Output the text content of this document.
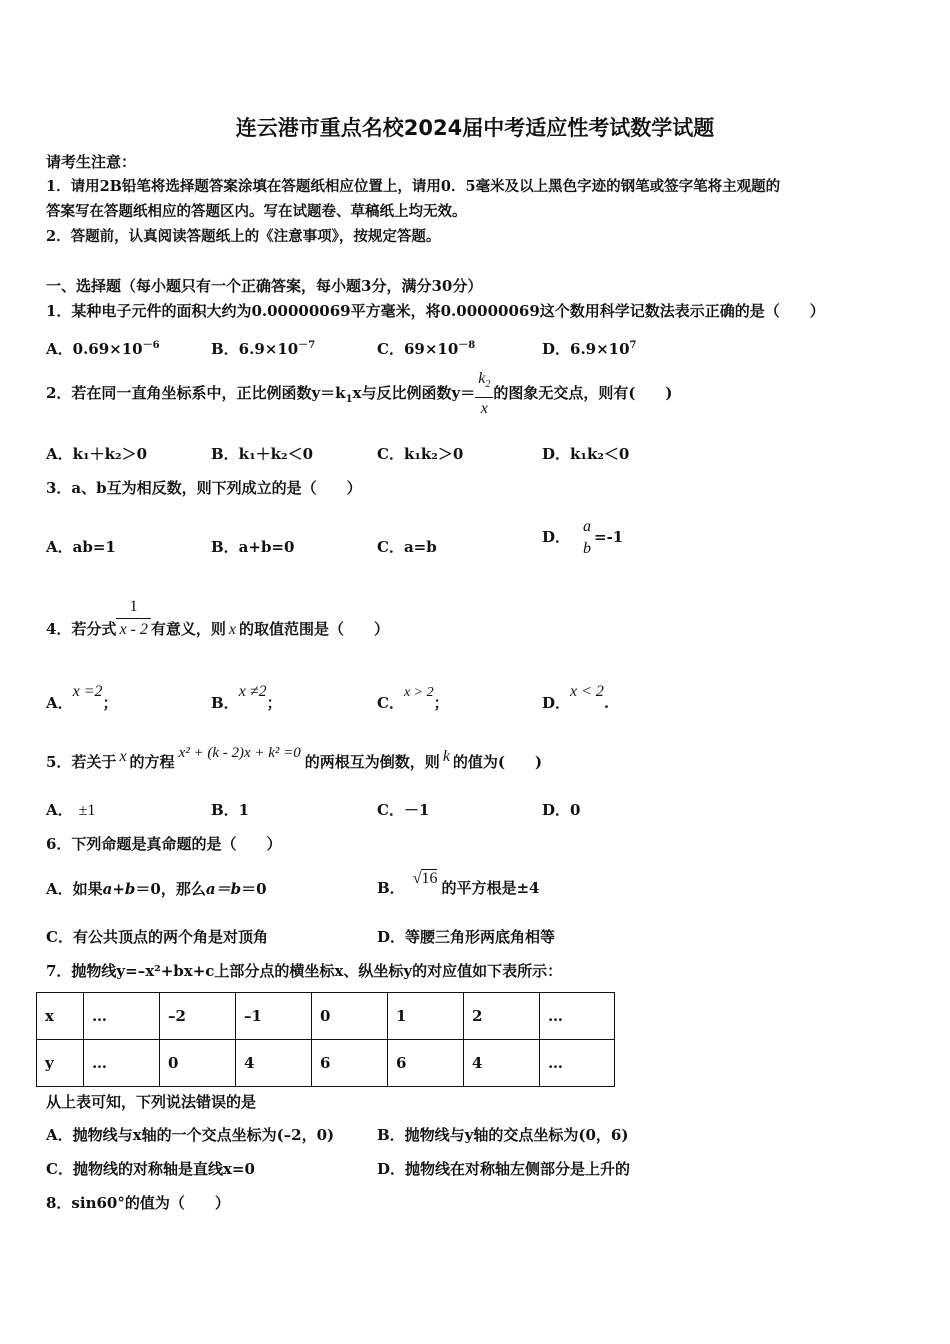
连云港市重点名校2024届中考适应性考试数学试题
请考生注意：
1．请用2B铅笔将选择题答案涂填在答题纸相应位置上，请用0．5毫米及以上黑色字迹的钢笔或签字笔将主观题的
答案写在答题纸相应的答题区内。写在试题卷、草稿纸上均无效。
2．答题前，认真阅读答题纸上的《注意事项》，按规定答题。
一、选择题（每小题只有一个正确答案，每小题3分，满分30分）
1．某种电子元件的面积大约为0.00000069平方毫米，将0.00000069这个数用科学记数法表示正确的是（　　）
A．$0.69\times 10^{-6}$	B．$6.9\times 10^{-7}$	C．$69\times 10^{-8}$	D．$6.9\times 10^7$
2．若在同一直角坐标系中，正比例函数$y=k_1x$与反比例函数$y= \frac{k_2}{x}$ 的图象无交点，则有(　　)
A．k₁＋k₂＞0	B．k₁＋k₂＜0	C．k₁k₂＞0	D．k₁k₂＜0
3．a、b互为相反数，则下列成立的是（　　）
A．ab=1	B．a+b=0	C．a=b
D．
a
b
=-1
4．若分式 $\frac{1}{x - 2}$ 有意义，则 x 的取值范围是（　　）
A．x =2；	B．x ≠2；	C．x > 2；	D．x < 2.
5．若关于 x 的方程 x² + (k - 2)x + k² =0 的两根互为倒数，则 k 的值为(　　)
A． ±1	B．1	C．－1	D．0
6．下列命题是真命题的是（　　）
A．如果a+b＝0，那么a＝b＝0	B．√16的平方根是±4
C．有公共顶点的两个角是对顶角	D．等腰三角形两底角相等
7．抛物线y=–x²+bx+c上部分点的横坐标x、纵坐标y的对应值如下表所示：
x	…	–2	–1	0	1	2	…
y	…	0	4	6	6	4	…
从上表可知，下列说法错误的是
A．抛物线与x轴的一个交点坐标为(–2，0)	B．抛物线与y轴的交点坐标为(0，6)
C．抛物线的对称轴是直线x=0	D．抛物线在对称轴左侧部分是上升的
8．sin60°的值为（　　）
